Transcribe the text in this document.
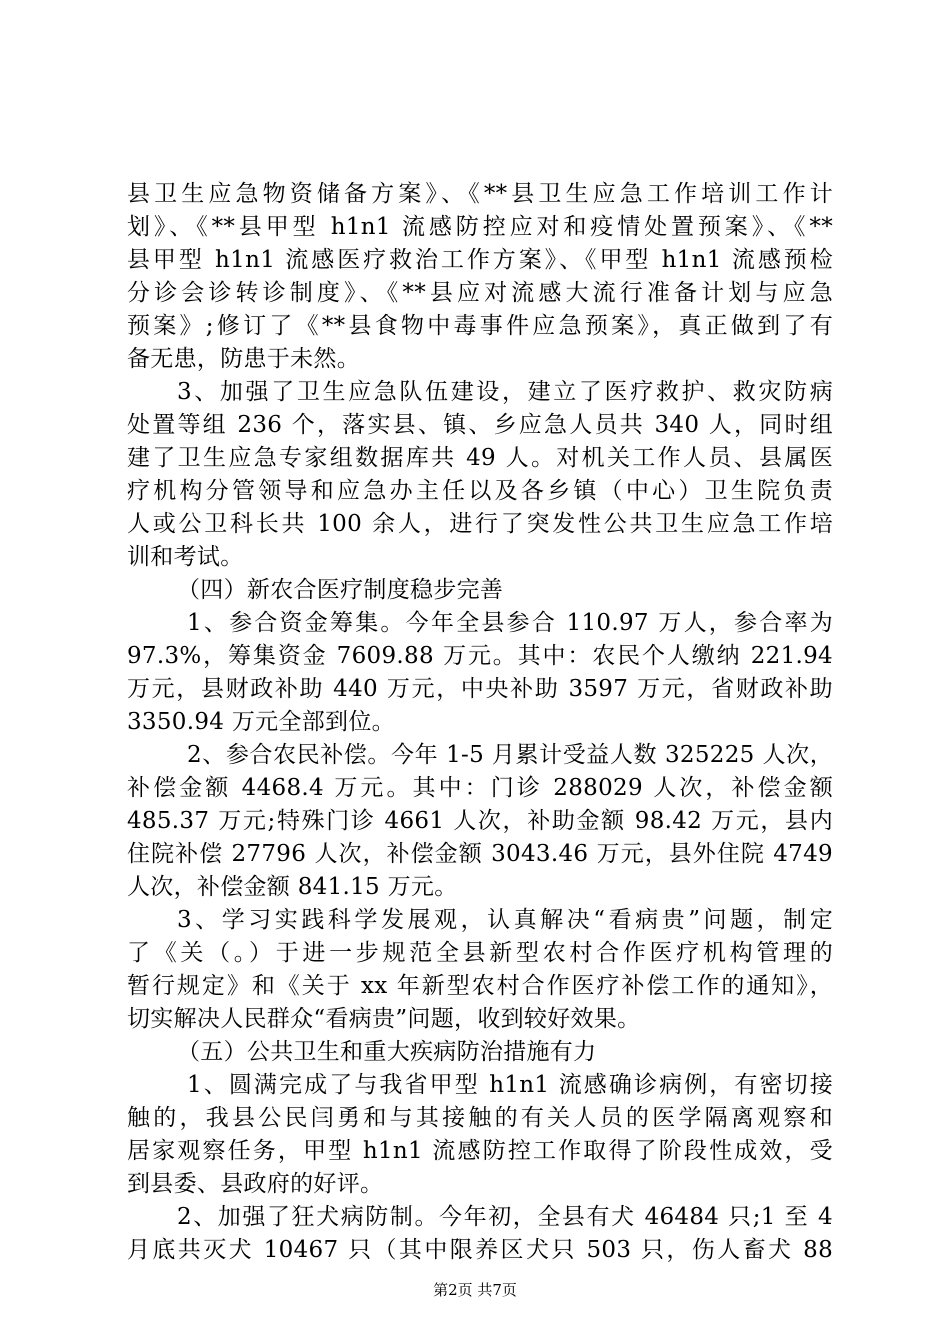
县卫生应急物资储备方案》、《**县卫生应急工作培训工作计
划》、《**县甲型 h1n1 流感防控应对和疫情处置预案》、《**
县甲型 h1n1 流感医疗救治工作方案》、《甲型 h1n1 流感预检
分诊会诊转诊制度》、《**县应对流感大流行准备计划与应急
预案》;修订了《**县食物中毒事件应急预案》，真正做到了有
备无患，防患于未然。
3、加强了卫生应急队伍建设，建立了医疗救护、救灾防病
处置等组 236 个，落实县、镇、乡应急人员共 340 人，同时组
建了卫生应急专家组数据库共 49 人。对机关工作人员、县属医
疗机构分管领导和应急办主任以及各乡镇（中心）卫生院负责
人或公卫科长共 100 余人，进行了突发性公共卫生应急工作培
训和考试。
（四）新农合医疗制度稳步完善
1、参合资金筹集。今年全县参合 110.97 万人，参合率为
97.3%，筹集资金 7609.88 万元。其中：农民个人缴纳 221.94
万元，县财政补助 440 万元，中央补助 3597 万元，省财政补助
3350.94 万元全部到位。
2、参合农民补偿。今年 1-5 月累计受益人数 325225 人次，
补偿金额 4468.4 万元。其中：门诊 288029 人次，补偿金额
485.37 万元;特殊门诊 4661 人次，补助金额 98.42 万元，县内
住院补偿 27796 人次，补偿金额 3043.46 万元，县外住院 4749
人次，补偿金额 841.15 万元。
3、学习实践科学发展观，认真解决“看病贵”问题，制定
了《关（。）于进一步规范全县新型农村合作医疗机构管理的
暂行规定》和《关于 xx 年新型农村合作医疗补偿工作的通知》，
切实解决人民群众“看病贵”问题，收到较好效果。
（五）公共卫生和重大疾病防治措施有力
1、圆满完成了与我省甲型 h1n1 流感确诊病例，有密切接
触的，我县公民闫勇和与其接触的有关人员的医学隔离观察和
居家观察任务，甲型 h1n1 流感防控工作取得了阶段性成效，受
到县委、县政府的好评。
2、加强了狂犬病防制。今年初，全县有犬 46484 只;1 至 4
月底共灭犬 10467 只（其中限养区犬只 503 只，伤人畜犬 88
第2页 共7页
